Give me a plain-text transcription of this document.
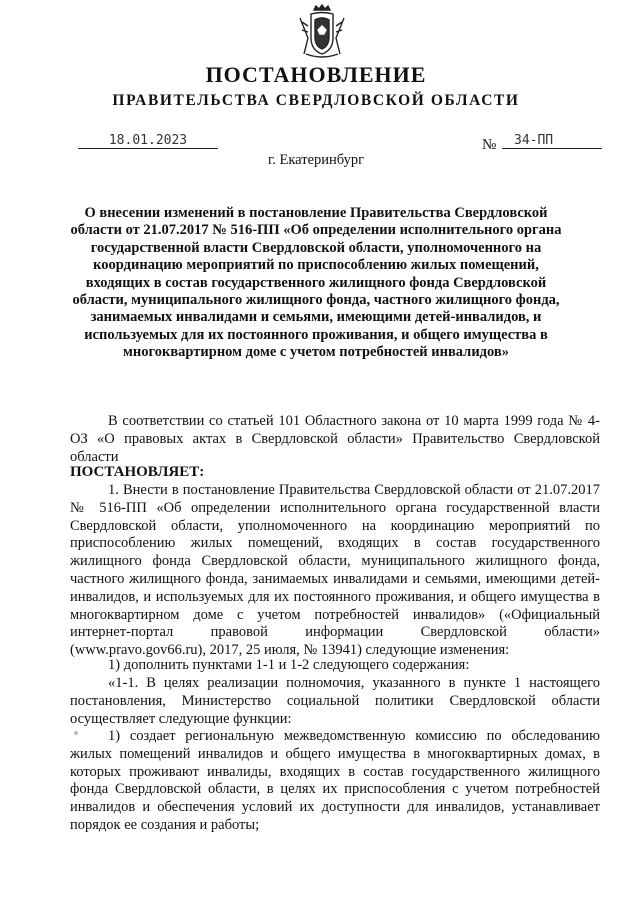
ПОСТАНОВЛЕНИЕ
ПРАВИТЕЛЬСТВА СВЕРДЛОВСКОЙ ОБЛАСТИ
18.01.2023	№	34-ПП
г. Екатеринбург
О внесении изменений в постановление Правительства Свердловской области от 21.07.2017 № 516-ПП «Об определении исполнительного органа государственной власти Свердловской области, уполномоченного на координацию мероприятий по приспособлению жилых помещений, входящих в состав государственного жилищного фонда Свердловской области, муниципального жилищного фонда, частного жилищного фонда, занимаемых инвалидами и семьями, имеющими детей-инвалидов, и используемых для их постоянного проживания, и общего имущества в многоквартирном доме с учетом потребностей инвалидов»
В соответствии со статьей 101 Областного закона от 10 марта 1999 года № 4-ОЗ «О правовых актах в Свердловской области» Правительство Свердловской области
ПОСТАНОВЛЯЕТ:
1. Внести в постановление Правительства Свердловской области от 21.07.2017 № 516-ПП «Об определении исполнительного органа государственной власти Свердловской области, уполномоченного на координацию мероприятий по приспособлению жилых помещений, входящих в состав государственного жилищного фонда Свердловской области, муниципального жилищного фонда, частного жилищного фонда, занимаемых инвалидами и семьями, имеющими детей-инвалидов, и используемых для их постоянного проживания, и общего имущества в многоквартирном доме с учетом потребностей инвалидов» («Официальный интернет-портал правовой информации Свердловской области» (www.pravo.gov66.ru), 2017, 25 июля, № 13941) следующие изменения:
1) дополнить пунктами 1-1 и 1-2 следующего содержания:
«1-1. В целях реализации полномочия, указанного в пункте 1 настоящего постановления, Министерство социальной политики Свердловской области осуществляет следующие функции:
1) создает региональную межведомственную комиссию по обследованию жилых помещений инвалидов и общего имущества в многоквартирных домах, в которых проживают инвалиды, входящих в состав государственного жилищного фонда Свердловской области, в целях их приспособления с учетом потребностей инвалидов и обеспечения условий их доступности для инвалидов, устанавливает порядок ее создания и работы;
